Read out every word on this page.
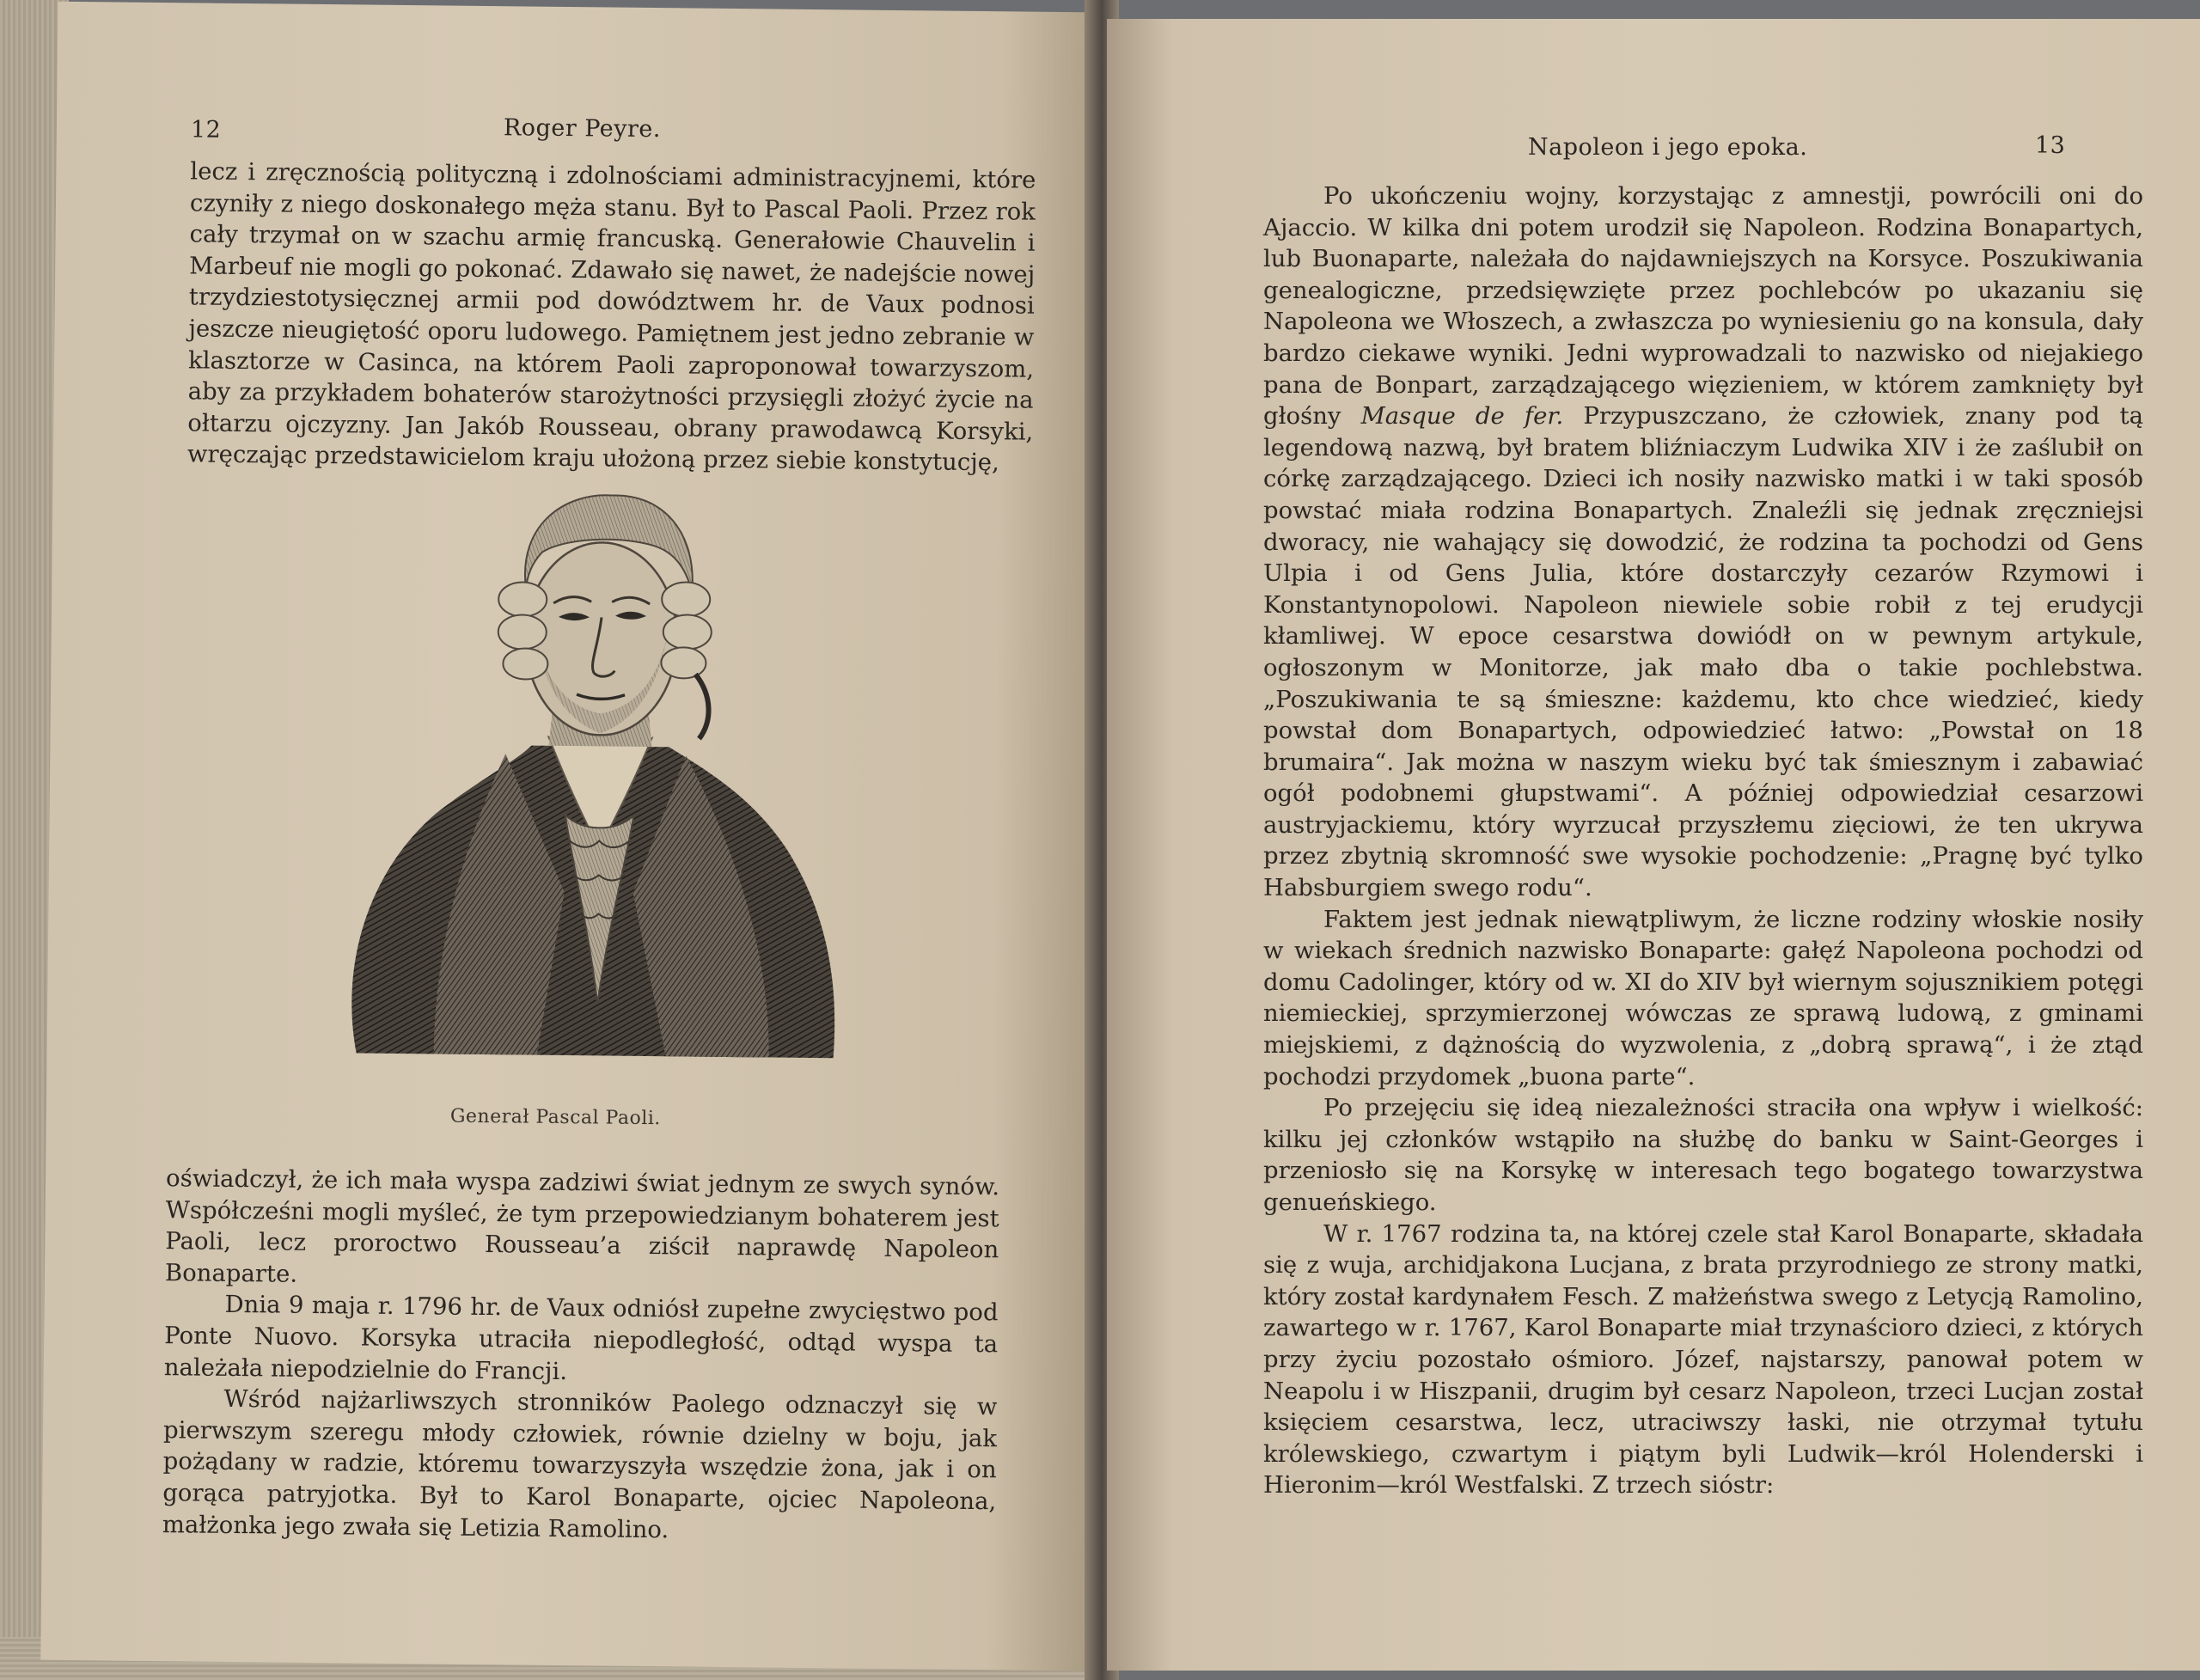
12	Roger Peyre.

lecz i zręcznością polityczną i zdolnościami administracyjnemi, które czyniły z niego doskonałego męża stanu. Był to Pascal Paoli. Przez rok cały trzymał on w szachu armię francuską. Generałowie Chauvelin i Marbeuf nie mogli go pokonać. Zdawało się nawet, że nadejście nowej trzydziestotysięcznej armii pod dowództwem hr. de Vaux podnosi jeszcze nieugiętość oporu ludowego. Pamiętnem jest jedno zebranie w klasztorze w Casinca, na którem Paoli zaproponował towarzyszom, aby za przykładem bohaterów starożytności przysięgli złożyć życie na ołtarzu ojczyzny. Jan Jakób Rousseau, obrany prawodawcą Korsyki, wręczając przedstawicielom kraju ułożoną przez siebie konstytucję,

Generał Pascal Paoli.

oświadczył, że ich mała wyspa zadziwi świat jednym ze swych synów. Współcześni mogli myśleć, że tym przepowiedzianym bohaterem jest Paoli, lecz proroctwo Rousseau’a ziścił naprawdę Napoleon Bonaparte.

Dnia 9 maja r. 1796 hr. de Vaux odniósł zupełne zwycięstwo pod Ponte Nuovo. Korsyka utraciła niepodległość, odtąd wyspa ta należała niepodzielnie do Francji.

Wśród najżarliwszych stronników Paolego odznaczył się w pierwszym szeregu młody człowiek, równie dzielny w boju, jak pożądany w radzie, któremu towarzyszyła wszędzie żona, jak i on gorąca patryjotka. Był to Karol Bonaparte, ojciec Napoleona, małżonka jego zwała się Letizia Ramolino.

Napoleon i jego epoka.	13

Po ukończeniu wojny, korzystając z amnestji, powrócili oni do Ajaccio. W kilka dni potem urodził się Napoleon. Rodzina Bonapartych, lub Buonaparte, należała do najdawniejszych na Korsyce. Poszukiwania genealogiczne, przedsięwzięte przez pochlebców po ukazaniu się Napoleona we Włoszech, a zwłaszcza po wyniesieniu go na konsula, dały bardzo ciekawe wyniki. Jedni wyprowadzali to nazwisko od niejakiego pana de Bonpart, zarządzającego więzieniem, w którem zamknięty był głośny Masque de fer. Przypuszczano, że człowiek, znany pod tą legendową nazwą, był bratem bliźniaczym Ludwika XIV i że zaślubił on córkę zarządzającego. Dzieci ich nosiły nazwisko matki i w taki sposób powstać miała rodzina Bonapartych. Znaleźli się jednak zręczniejsi dworacy, nie wahający się dowodzić, że rodzina ta pochodzi od Gens Ulpia i od Gens Julia, które dostarczyły cezarów Rzymowi i Konstantynopolowi. Napoleon niewiele sobie robił z tej erudycji kłamliwej. W epoce cesarstwa dowiódł on w pewnym artykule, ogłoszonym w Monitorze, jak mało dba o takie pochlebstwa. „Poszukiwania te są śmieszne: każdemu, kto chce wiedzieć, kiedy powstał dom Bonapartych, odpowiedzieć łatwo: „Powstał on 18 brumaira“. Jak można w naszym wieku być tak śmiesznym i zabawiać ogół podobnemi głupstwami“. A później odpowiedział cesarzowi austryjackiemu, który wyrzucał przyszłemu zięciowi, że ten ukrywa przez zbytnią skromność swe wysokie pochodzenie: „Pragnę być tylko Habsburgiem swego rodu“.

Faktem jest jednak niewątpliwym, że liczne rodziny włoskie nosiły w wiekach średnich nazwisko Bonaparte: gałęź Napoleona pochodzi od domu Cadolinger, który od w. XI do XIV był wiernym sojusznikiem potęgi niemieckiej, sprzymierzonej wówczas ze sprawą ludową, z gminami miejskiemi, z dążnością do wyzwolenia, z „dobrą sprawą“, i że ztąd pochodzi przydomek „buona parte“.

Po przejęciu się ideą niezależności straciła ona wpływ i wielkość: kilku jej członków wstąpiło na służbę do banku w Saint-Georges i przeniosło się na Korsykę w interesach tego bogatego towarzystwa genueńskiego.

W r. 1767 rodzina ta, na której czele stał Karol Bonaparte, składała się z wuja, archidjakona Lucjana, z brata przyrodniego ze strony matki, który został kardynałem Fesch. Z małżeństwa swego z Letycją Ramolino, zawartego w r. 1767, Karol Bonaparte miał trzynaścioro dzieci, z których przy życiu pozostało ośmioro. Józef, najstarszy, panował potem w Neapolu i w Hiszpanii, drugim był cesarz Napoleon, trzeci Lucjan został księciem cesarstwa, lecz, utraciwszy łaski, nie otrzymał tytułu królewskiego, czwartym i piątym byli Ludwik—król Holenderski i Hieronim—król Westfalski. Z trzech sióstr:
